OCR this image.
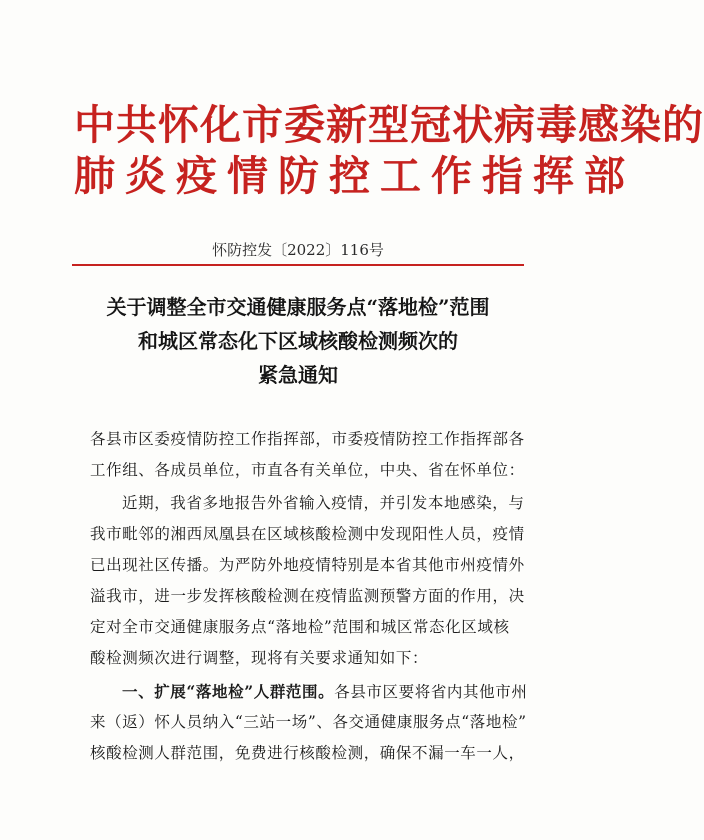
中共怀化市委新型冠状病毒感染的
肺炎疫情防控工作指挥部
怀防控发〔2022〕116号
关于调整全市交通健康服务点“落地检”范围
和城区常态化下区域核酸检测频次的
紧急通知
各县市区委疫情防控工作指挥部，市委疫情防控工作指挥部各
工作组、各成员单位，市直各有关单位，中央、省在怀单位：
近期，我省多地报告外省输入疫情，并引发本地感染，与
我市毗邻的湘西凤凰县在区域核酸检测中发现阳性人员，疫情
已出现社区传播。为严防外地疫情特别是本省其他市州疫情外
溢我市，进一步发挥核酸检测在疫情监测预警方面的作用，决
定对全市交通健康服务点“落地检”范围和城区常态化区域核
酸检测频次进行调整，现将有关要求通知如下：
一、扩展“落地检”人群范围。各县市区要将省内其他市州
来（返）怀人员纳入“三站一场”、各交通健康服务点“落地检”
核酸检测人群范围，免费进行核酸检测，确保不漏一车一人，
